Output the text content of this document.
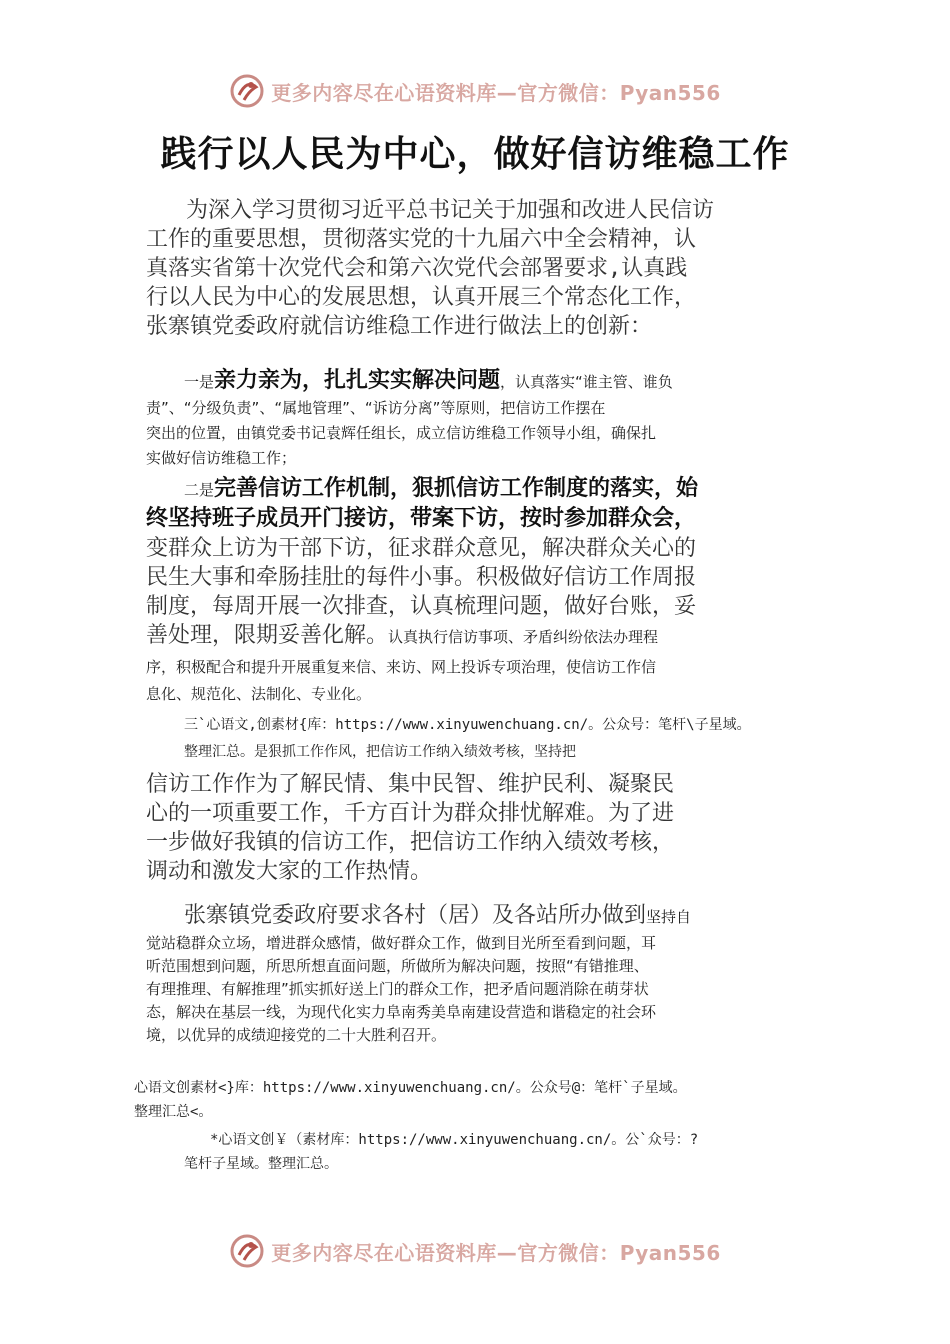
更多内容尽在心语资料库—官方微信：Pyan556
践行以人民为中心，做好信访维稳工作
为深入学习贯彻习近平总书记关于加强和改进人民信访
工作的重要思想，贯彻落实党的十九届六中全会精神，认
真落实省第十次党代会和第六次党代会部署要求,认真践
行以人民为中心的发展思想，认真开展三个常态化工作，
张寨镇党委政府就信访维稳工作进行做法上的创新：
一是亲力亲为，扎扎实实解决问题，认真落实“谁主管、谁负
责”、“分级负责”、“属地管理”、“诉访分离”等原则，把信访工作摆在
突出的位置，由镇党委书记袁辉任组长，成立信访维稳工作领导小组，确保扎
实做好信访维稳工作；
二是完善信访工作机制，狠抓信访工作制度的落实，始
终坚持班子成员开门接访，带案下访，按时参加群众会，
变群众上访为干部下访，征求群众意见，解决群众关心的
民生大事和牵肠挂肚的每件小事。积极做好信访工作周报
制度，每周开展一次排查，认真梳理问题，做好台账，妥
善处理，限期妥善化解。认真执行信访事项、矛盾纠纷依法办理程
序，积极配合和提升开展重复来信、来访、网上投诉专项治理，使信访工作信
息化、规范化、法制化、专业化。
三`心语文,创素材{库：https://www.xinyuwenchuang.cn/。公众号：笔杆\子星域。
整理汇总。是狠抓工作作风，把信访工作纳入绩效考核，坚持把
信访工作作为了解民情、集中民智、维护民利、凝聚民
心的一项重要工作，千方百计为群众排忧解难。为了进
一步做好我镇的信访工作，把信访工作纳入绩效考核，
调动和激发大家的工作热情。
张寨镇党委政府要求各村（居）及各站所办做到坚持自
觉站稳群众立场，增进群众感情，做好群众工作，做到目光所至看到问题，耳
听范围想到问题，所思所想直面问题，所做所为解决问题，按照“有错推理、
有理推理、有解推理”抓实抓好送上门的群众工作，把矛盾问题消除在萌芽状
态，解决在基层一线，为现代化实力阜南秀美阜南建设营造和谐稳定的社会环
境，以优异的成绩迎接党的二十大胜利召开。
心语文创素材<}库：https://www.xinyuwenchuang.cn/。公众号@：笔杆`子星域。
整理汇总<。
*心语文创￥（素材库：https://www.xinyuwenchuang.cn/。公`众号：?
笔杆子星域。整理汇总。
更多内容尽在心语资料库—官方微信：Pyan556
